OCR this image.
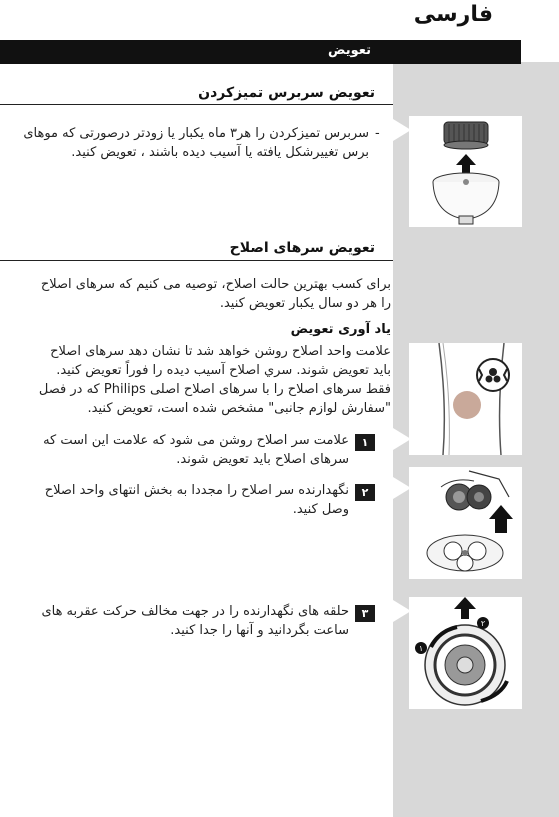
فارسی
تعویض
تعویض سربرس تمیزکردن
-
سربرس تمیزکردن را هر۳ ماه یکبار یا زودتر درصورتی که موهای
برس تغییرشکل یافته یا آسیب دیده باشند ، تعویض کنید.
تعویض سرهای اصلاح
برای کسب بهترین حالت اصلاح، توصیه می کنیم که سرهای اصلاح
را هر دو سال یکبار تعویض کنید.
یاد آوری تعویض
علامت واحد اصلاح روشن خواهد شد تا نشان دهد سرهای اصلاح
باید تعویض شوند. سري اصلاح آسیب دیده را فوراً تعویض کنید.
فقط سرهای اصلاح را با سرهای اصلاح اصلی Philips که در فصل
"سفارش لوازم جانبی" مشخص شده است، تعویض کنید.
۱
علامت سر اصلاح روشن می شود که علامت این است که
سرهای اصلاح باید تعویض شوند.
۲
نگهدارنده سر اصلاح را مجددا به بخش انتهای واحد اصلاح
وصل کنید.
۳
حلقه های نگهدارنده را در جهت مخالف حرکت عقربه های
ساعت بگردانید و آنها را جدا کنید.	۲
۱
